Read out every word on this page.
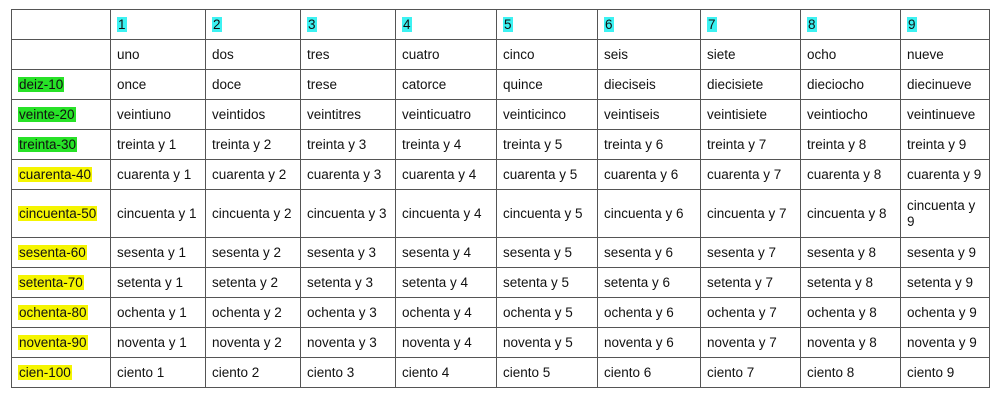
	1	2	3	4	5	6	7	8	9
	uno	dos	tres	cuatro	cinco	seis	siete	ocho	nueve
deiz-10	once	doce	trese	catorce	quince	dieciseis	diecisiete	dieciocho	diecinueve
veinte-20	veintiuno	veintidos	veintitres	veinticuatro	veinticinco	veintiseis	veintisiete	veintiocho	veintinueve
treinta-30	treinta y 1	treinta y 2	treinta y 3	treinta y 4	treinta y 5	treinta y 6	treinta y 7	treinta y 8	treinta y 9
cuarenta-40	cuarenta y 1	cuarenta y 2	cuarenta y 3	cuarenta y 4	cuarenta y 5	cuarenta y 6	cuarenta y 7	cuarenta y 8	cuarenta y 9
cincuenta-50	cincuenta y 1	cincuenta y 2	cincuenta y 3	cincuenta y 4	cincuenta y 5	cincuenta y 6	cincuenta y 7	cincuenta y 8	cincuenta y 9
sesenta-60	sesenta y 1	sesenta y 2	sesenta y 3	sesenta y 4	sesenta y 5	sesenta y 6	sesenta y 7	sesenta y 8	sesenta y 9
setenta-70	setenta y 1	setenta y 2	setenta y 3	setenta y 4	setenta y 5	setenta y 6	setenta y 7	setenta y 8	setenta y 9
ochenta-80	ochenta y 1	ochenta y 2	ochenta y 3	ochenta y 4	ochenta y 5	ochenta y 6	ochenta y 7	ochenta y 8	ochenta y 9
noventa-90	noventa y 1	noventa y 2	noventa y 3	noventa y 4	noventa y 5	noventa y 6	noventa y 7	noventa y 8	noventa y 9
cien-100	ciento 1	ciento 2	ciento 3	ciento 4	ciento 5	ciento 6	ciento 7	ciento 8	ciento 9
